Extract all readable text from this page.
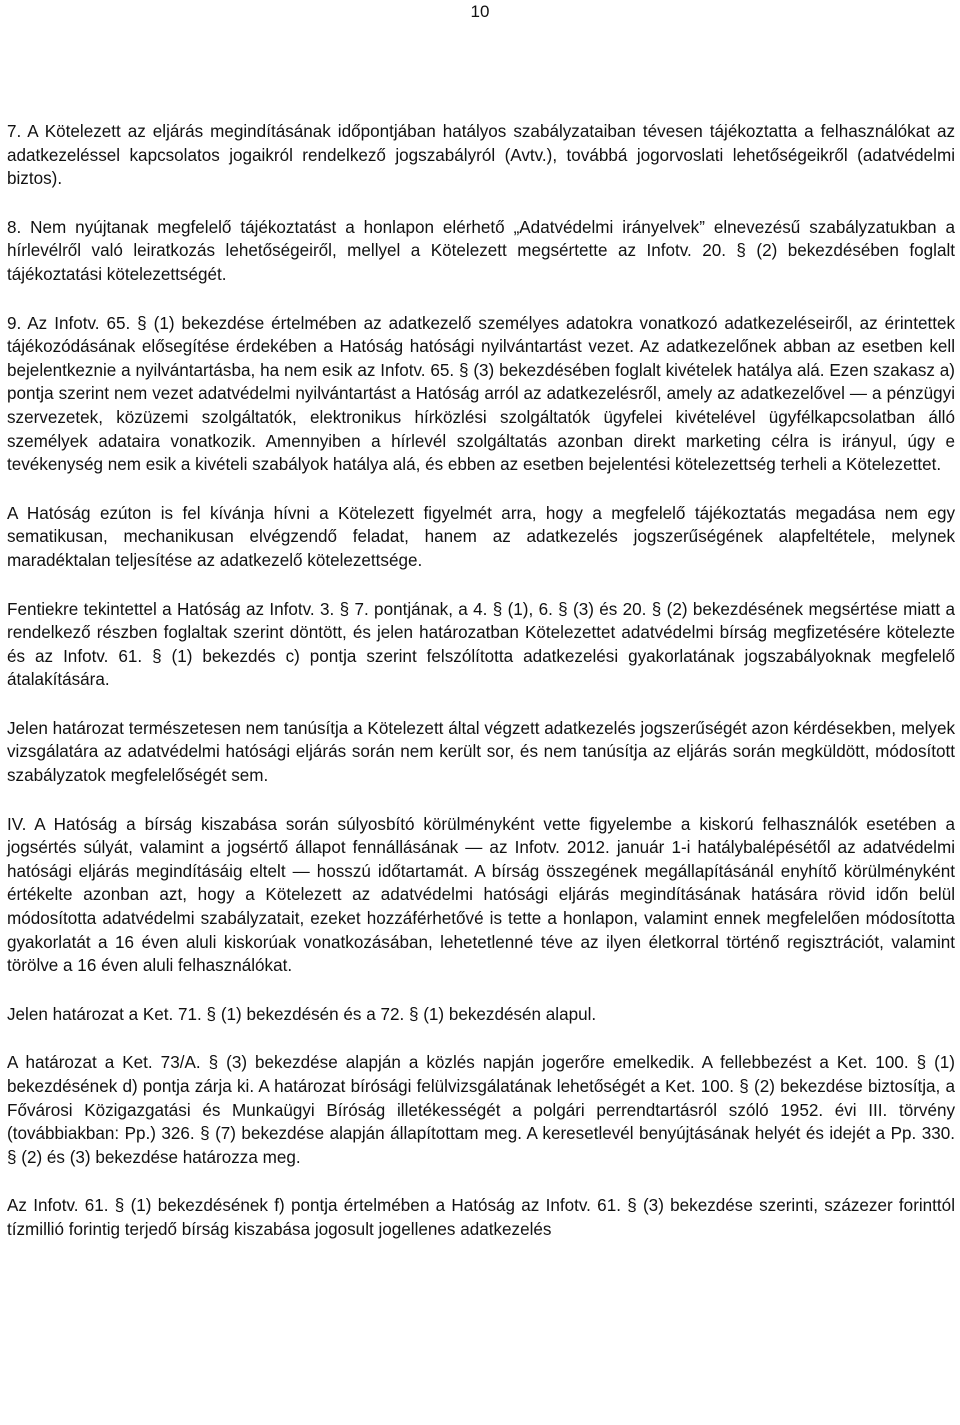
10

7. A Kötelezett az eljárás megindításának időpontjában hatályos szabályzataiban tévesen tájékoztatta a felhasználókat az adatkezeléssel kapcsolatos jogaikról rendelkező jogszabályról (Avtv.), továbbá jogorvoslati lehetőségeikről (adatvédelmi biztos).

8. Nem nyújtanak megfelelő tájékoztatást a honlapon elérhető „Adatvédelmi irányelvek” elnevezésű szabályzatukban a hírlevélről való leiratkozás lehetőségeiről, mellyel a Kötelezett megsértette az Infotv. 20. § (2) bekezdésében foglalt tájékoztatási kötelezettségét.

9. Az Infotv. 65. § (1) bekezdése értelmében az adatkezelő személyes adatokra vonatkozó adatkezeléseiről, az érintettek tájékozódásának elősegítése érdekében a Hatóság hatósági nyilvántartást vezet. Az adatkezelőnek abban az esetben kell bejelentkeznie a nyilvántartásba, ha nem esik az Infotv. 65. § (3) bekezdésében foglalt kivételek hatálya alá. Ezen szakasz a) pontja szerint nem vezet adatvédelmi nyilvántartást a Hatóság arról az adatkezelésről, amely az adatkezelővel — a pénzügyi szervezetek, közüzemi szolgáltatók, elektronikus hírközlési szolgáltatók ügyfelei kivételével ügyfélkapcsolatban álló személyek adataira vonatkozik. Amennyiben a hírlevél szolgáltatás azonban direkt marketing célra is irányul, úgy e tevékenység nem esik a kivételi szabályok hatálya alá, és ebben az esetben bejelentési kötelezettség terheli a Kötelezettet.

A Hatóság ezúton is fel kívánja hívni a Kötelezett figyelmét arra, hogy a megfelelő tájékoztatás megadása nem egy sematikusan, mechanikusan elvégzendő feladat, hanem az adatkezelés jogszerűségének alapfeltétele, melynek maradéktalan teljesítése az adatkezelő kötelezettsége.

Fentiekre tekintettel a Hatóság az Infotv. 3. § 7. pontjának, a 4. § (1), 6. § (3) és 20. § (2) bekezdésének megsértése miatt a rendelkező részben foglaltak szerint döntött, és jelen határozatban Kötelezettet adatvédelmi bírság megfizetésére kötelezte és az Infotv. 61. § (1) bekezdés c) pontja szerint felszólította adatkezelési gyakorlatának jogszabályoknak megfelelő átalakítására.

Jelen határozat természetesen nem tanúsítja a Kötelezett által végzett adatkezelés jogszerűségét azon kérdésekben, melyek vizsgálatára az adatvédelmi hatósági eljárás során nem került sor, és nem tanúsítja az eljárás során megküldött, módosított szabályzatok megfelelőségét sem.

IV. A Hatóság a bírság kiszabása során súlyosbító körülményként vette figyelembe a kiskorú felhasználók esetében a jogsértés súlyát, valamint a jogsértő állapot fennállásának — az Infotv. 2012. január 1-i hatálybalépésétől az adatvédelmi hatósági eljárás megindításáig eltelt — hosszú időtartamát. A bírság összegének megállapításánál enyhítő körülményként értékelte azonban azt, hogy a Kötelezett az adatvédelmi hatósági eljárás megindításának hatására rövid időn belül módosította adatvédelmi szabályzatait, ezeket hozzáférhetővé is tette a honlapon, valamint ennek megfelelően módosította gyakorlatát a 16 éven aluli kiskorúak vonatkozásában, lehetetlenné téve az ilyen életkorral történő regisztrációt, valamint törölve a 16 éven aluli felhasználókat.

Jelen határozat a Ket. 71. § (1) bekezdésén és a 72. § (1) bekezdésén alapul.

A határozat a Ket. 73/A. § (3) bekezdése alapján a közlés napján jogerőre emelkedik. A fellebbezést a Ket. 100. § (1) bekezdésének d) pontja zárja ki. A határozat bírósági felülvizsgálatának lehetőségét a Ket. 100. § (2) bekezdése biztosítja, a Fővárosi Közigazgatási és Munkaügyi Bíróság illetékességét a polgári perrendtartásról szóló 1952. évi III. törvény (továbbiakban: Pp.) 326. § (7) bekezdése alapján állapítottam meg. A keresetlevél benyújtásának helyét és idejét a Pp. 330. § (2) és (3) bekezdése határozza meg.

Az Infotv. 61. § (1) bekezdésének f) pontja értelmében a Hatóság az Infotv. 61. § (3) bekezdése szerinti, százezer forinttól tízmillió forintig terjedő bírság kiszabása jogosult jogellenes adatkezelés
